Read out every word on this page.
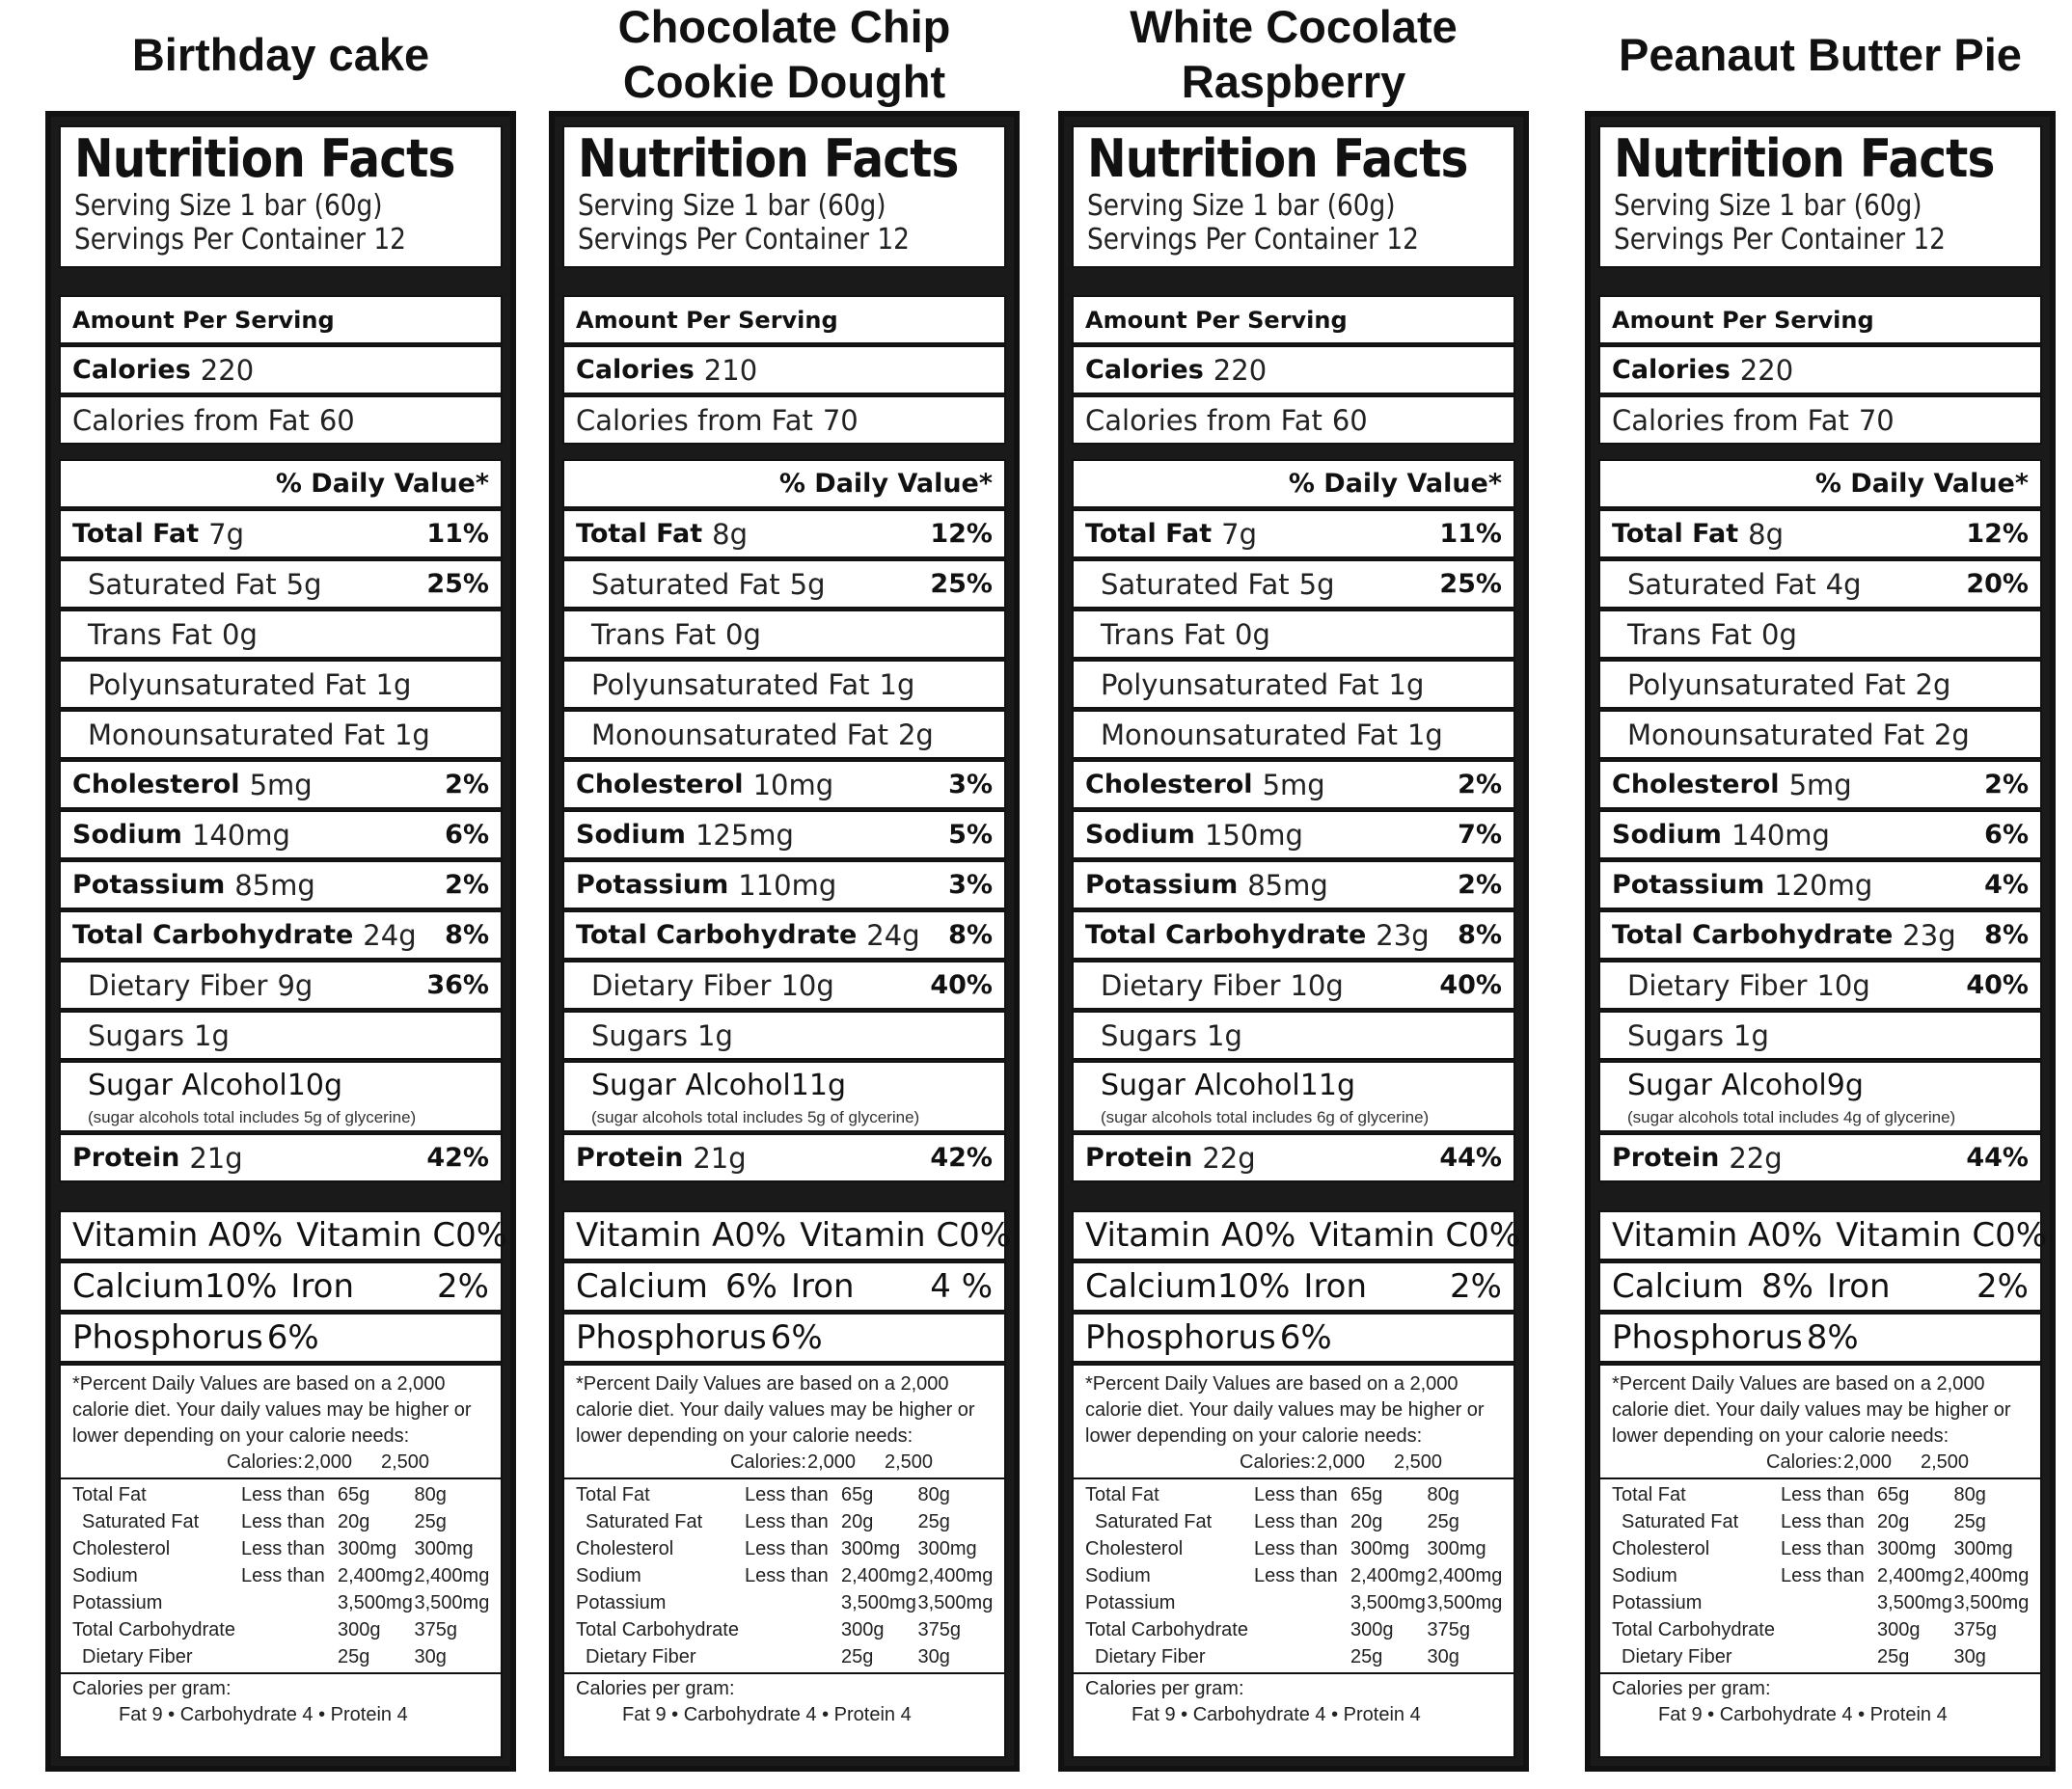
Birthday cake
Nutrition Facts
Serving Size 1 bar (60g)
Servings Per Container 12
Amount Per Serving
Calories 220
Calories from Fat 60
% Daily Value*
Total Fat 7g	11%
Saturated Fat 5g	25%
Trans Fat 0g
Polyunsaturated Fat 1g
Monounsaturated Fat 1g
Cholesterol 5mg	2%
Sodium 140mg	6%
Potassium 85mg	2%
Total Carbohydrate 24g 8%
Dietary Fiber 9g	36%
Sugars 1g
Sugar Alcohol10g
(sugar alcohols total includes 5g of glycerine)
Protein 21g	42%
Vitamin A 0% Vitamin C 0%
Calcium 10% Iron	2%
Phosphorus 6%
*Percent Daily Values are based on a 2,000 calorie diet. Your daily values may be higher or lower depending on your calorie needs:
Calories: 2,000	2,500
Total Fat	Less than	65g	80g
Saturated Fat	Less than	20g	25g
Cholesterol	Less than	300mg	300mg
Sodium	Less than	2,400mg	2,400mg
Potassium		3,500mg	3,500mg
Total Carbohydrate		300g	375g
Dietary Fiber		25g	30g
Calories per gram:
Fat 9 • Carbohydrate 4 • Protein 4
Chocolate Chip Cookie Dought
Nutrition Facts
Serving Size 1 bar (60g)
Servings Per Container 12
Amount Per Serving
Calories 210
Calories from Fat 70
% Daily Value*
Total Fat 8g	12%
Saturated Fat 5g	25%
Trans Fat 0g
Polyunsaturated Fat 1g
Monounsaturated Fat 2g
Cholesterol 10mg	3%
Sodium 125mg	5%
Potassium 110mg	3%
Total Carbohydrate 24g 8%
Dietary Fiber 10g	40%
Sugars 1g
Sugar Alcohol11g
(sugar alcohols total includes 5g of glycerine)
Protein 21g	42%
Vitamin A 0% Vitamin C 0%
Calcium 6% Iron 4 %
Phosphorus 6%
*Percent Daily Values are based on a 2,000 calorie diet. Your daily values may be higher or lower depending on your calorie needs:
Calories: 2,000	2,500
Total Fat	Less than	65g	80g
Saturated Fat	Less than	20g	25g
Cholesterol	Less than	300mg	300mg
Sodium	Less than	2,400mg	2,400mg
Potassium		3,500mg	3,500mg
Total Carbohydrate		300g	375g
Dietary Fiber		25g	30g
Calories per gram:
Fat 9 • Carbohydrate 4 • Protein 4
White Cocolate Raspberry
Nutrition Facts
Serving Size 1 bar (60g)
Servings Per Container 12
Amount Per Serving
Calories 220
Calories from Fat 60
% Daily Value*
Total Fat 7g	11%
Saturated Fat 5g	25%
Trans Fat 0g
Polyunsaturated Fat 1g
Monounsaturated Fat 1g
Cholesterol 5mg	2%
Sodium 150mg	7%
Potassium 85mg	2%
Total Carbohydrate 23g 8%
Dietary Fiber 10g	40%
Sugars 1g
Sugar Alcohol11g
(sugar alcohols total includes 6g of glycerine)
Protein 22g	44%
Vitamin A 0% Vitamin C 0%
Calcium 10% Iron	2%
Phosphorus 6%
*Percent Daily Values are based on a 2,000 calorie diet. Your daily values may be higher or lower depending on your calorie needs:
Calories: 2,000	2,500
Total Fat	Less than	65g	80g
Saturated Fat	Less than	20g	25g
Cholesterol	Less than	300mg	300mg
Sodium	Less than	2,400mg	2,400mg
Potassium		3,500mg	3,500mg
Total Carbohydrate		300g	375g
Dietary Fiber		25g	30g
Calories per gram:
Fat 9 • Carbohydrate 4 • Protein 4
Peanaut Butter Pie
Nutrition Facts
Serving Size 1 bar (60g)
Servings Per Container 12
Amount Per Serving
Calories 220
Calories from Fat 70
% Daily Value*
Total Fat 8g	12%
Saturated Fat 4g	20%
Trans Fat 0g
Polyunsaturated Fat 2g
Monounsaturated Fat 2g
Cholesterol 5mg	2%
Sodium 140mg	6%
Potassium 120mg	4%
Total Carbohydrate 23g 8%
Dietary Fiber 10g	40%
Sugars 1g
Sugar Alcohol9g
(sugar alcohols total includes 4g of glycerine)
Protein 22g	44%
Vitamin A 0% Vitamin C 0%
Calcium 8% Iron	2%
Phosphorus 8%
*Percent Daily Values are based on a 2,000 calorie diet. Your daily values may be higher or lower depending on your calorie needs:
Calories: 2,000	2,500
Total Fat	Less than	65g	80g
Saturated Fat	Less than	20g	25g
Cholesterol	Less than	300mg	300mg
Sodium	Less than	2,400mg	2,400mg
Potassium		3,500mg	3,500mg
Total Carbohydrate		300g	375g
Dietary Fiber		25g	30g
Calories per gram:
Fat 9 • Carbohydrate 4 • Protein 4
